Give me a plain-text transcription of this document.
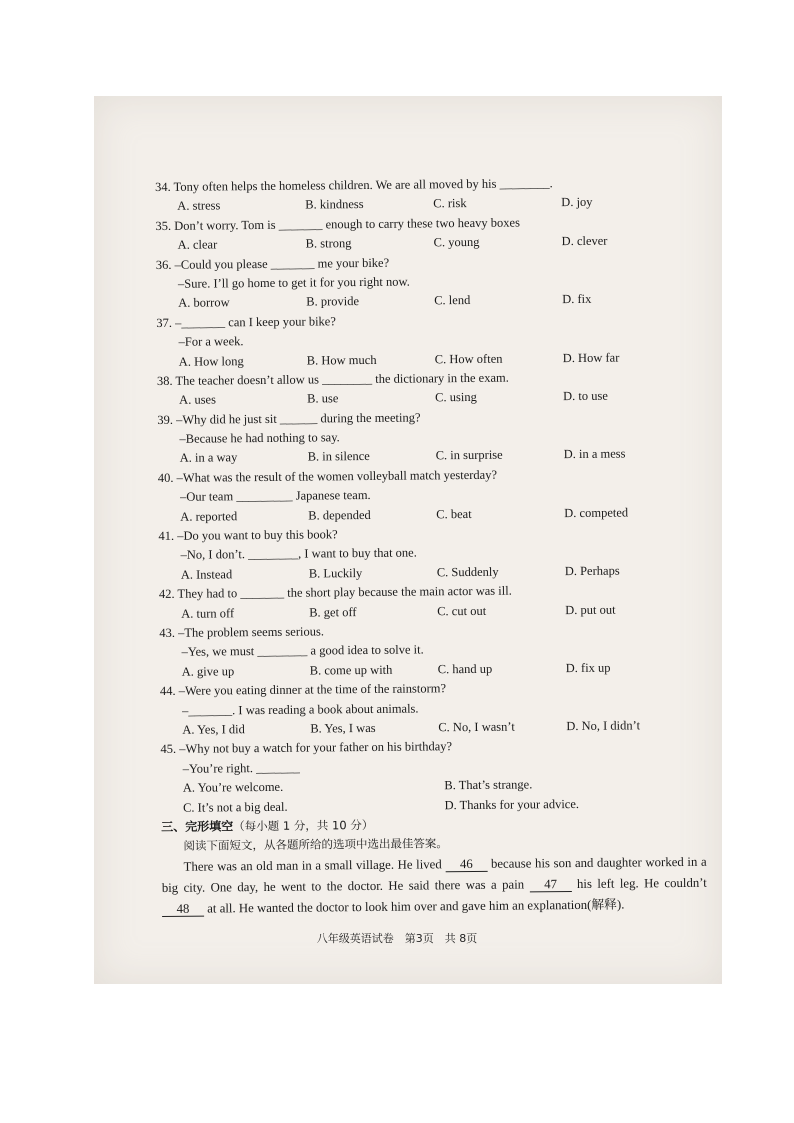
34. Tony often helps the homeless children. We are all moved by his ________.
A. stress	B. kindness	C. risk	D. joy
35. Don’t worry. Tom is _______ enough to carry these two heavy boxes
A. clear	B. strong	C. young	D. clever
36. –Could you please _______ me your bike?
–Sure. I’ll go home to get it for you right now.
A. borrow	B. provide	C. lend	D. fix
37. –_______ can I keep your bike?
–For a week.
A. How long	B. How much	C. How often	D. How far
38. The teacher doesn’t allow us ________ the dictionary in the exam.
A. uses	B. use	C. using	D. to use
39. –Why did he just sit ______ during the meeting?
–Because he had nothing to say.
A. in a way	B. in silence	C. in surprise	D. in a mess
40. –What was the result of the women volleyball match yesterday?
–Our team _________ Japanese team.
A. reported	B. depended	C. beat	D. competed
41. –Do you want to buy this book?
–No, I don’t. ________, I want to buy that one.
A. Instead	B. Luckily	C. Suddenly	D. Perhaps
42. They had to _______ the short play because the main actor was ill.
A. turn off	B. get off	C. cut out	D. put out
43. –The problem seems serious.
–Yes, we must ________ a good idea to solve it.
A. give up	B. come up with	C. hand up	D. fix up
44. –Were you eating dinner at the time of the rainstorm?
–_______. I was reading a book about animals.
A. Yes, I did	B. Yes, I was	C. No, I wasn’t	D. No, I didn’t
45. –Why not buy a watch for your father on his birthday?
–You’re right. _______
A. You’re welcome.	B. That’s strange.
C. It’s not a big deal.	D. Thanks for your advice.
三、完形填空（每小题 1 分，共 10 分）
阅读下面短文，从各题所给的选项中选出最佳答案。
There was an old man in a small village. He lived 46 because his son and daughter worked in a big city. One day, he went to the doctor. He said there was a pain 47 his left leg. He couldn’t 48 at all. He wanted the doctor to look him over and gave him an explanation(解释).
八年级英语试卷　第3页　共 8页
